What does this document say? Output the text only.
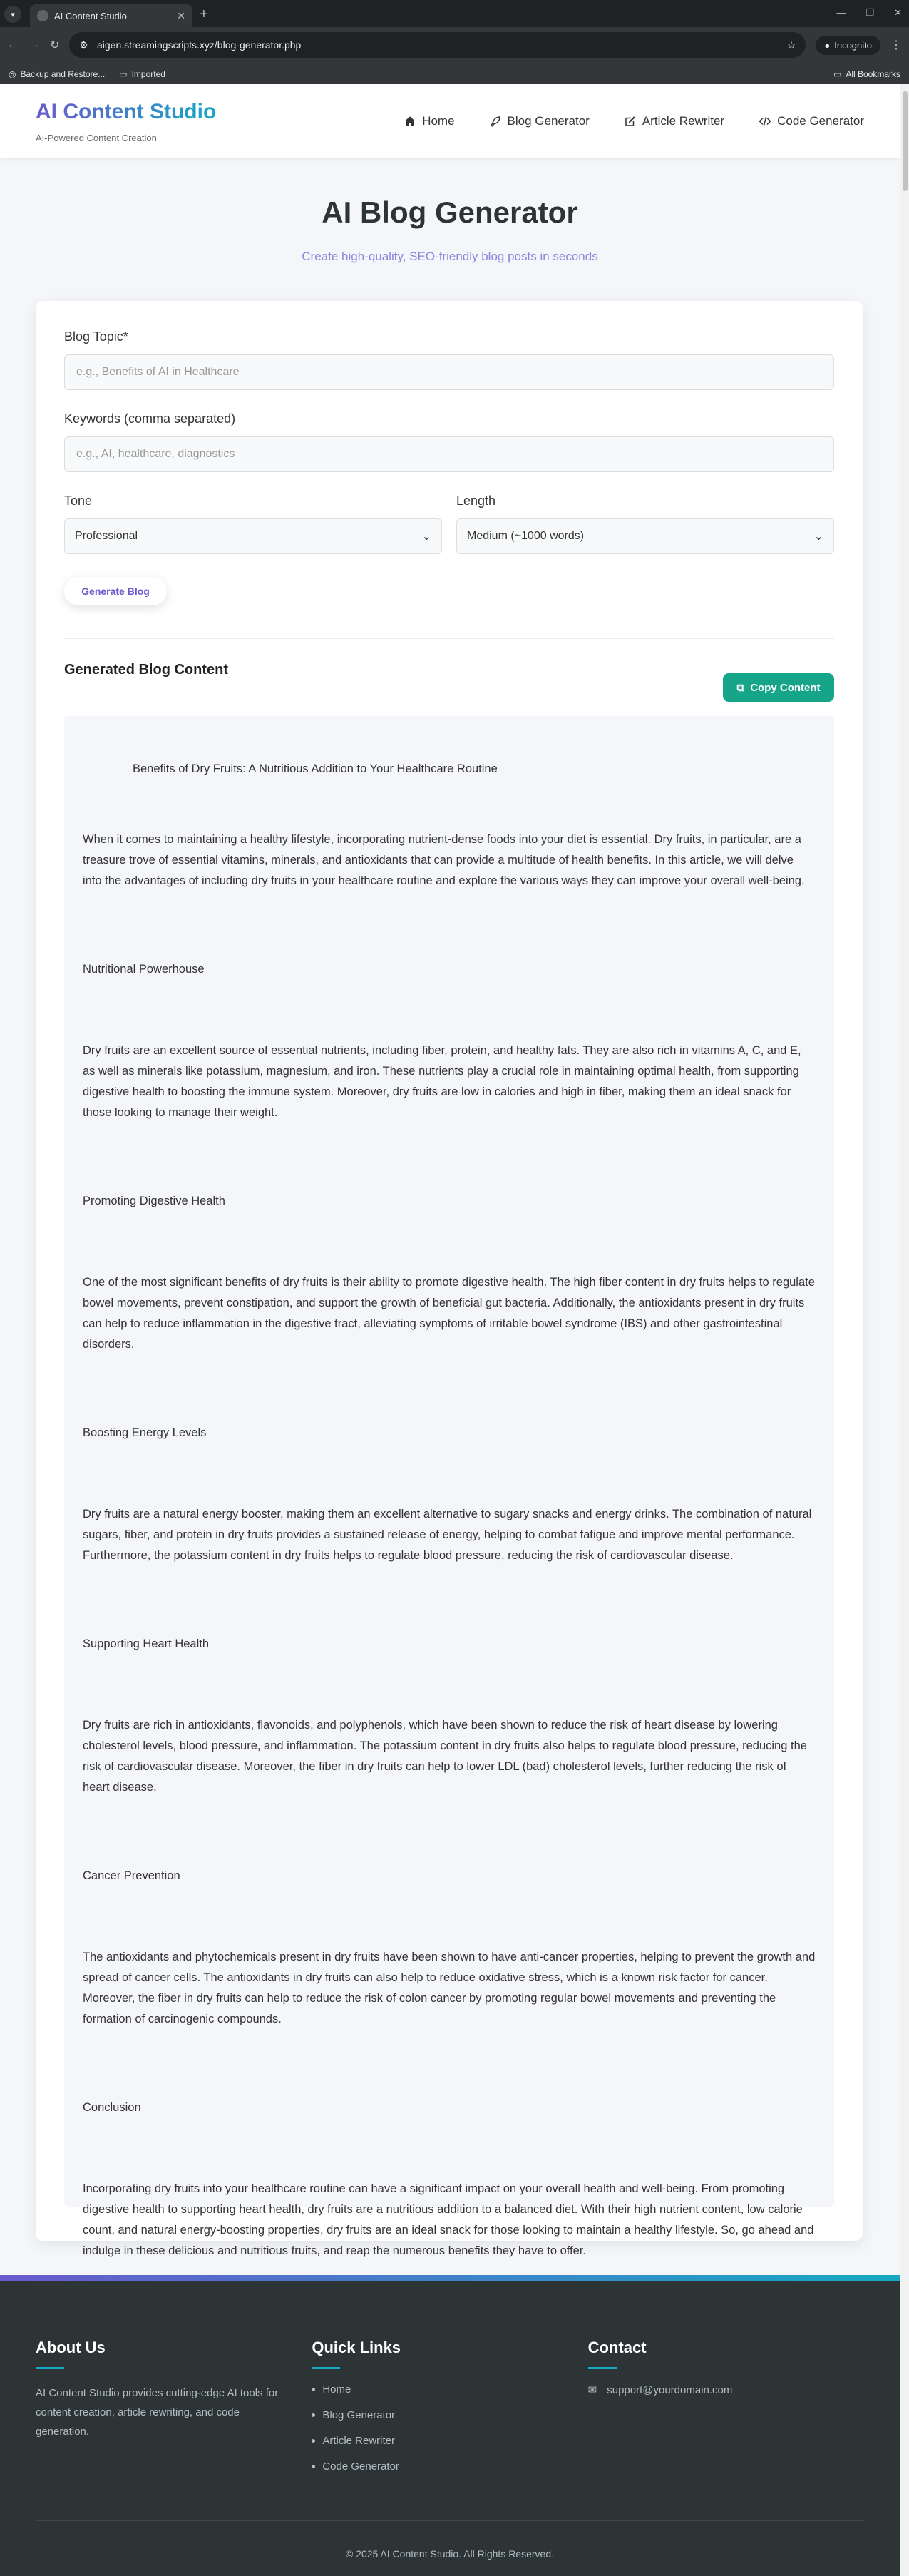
▾	AI Content Studio	✕ +	— ❐ ✕
← → ↻ ⚙ aigen.streamingscripts.xyz/blog-generator.php	☆	● Incognito ⋮
◎ Backup and Restore... ▭ Imported	▭ All Bookmarks
AI Content Studio
AI-Powered Content Creation
Home	Blog Generator	Article Rewriter	Code Generator
AI Blog Generator

Create high-quality, SEO-friendly blog posts in seconds

Blog Topic*
e.g., Benefits of AI in Healthcare
Keywords (comma separated)
e.g., AI, healthcare, diagnostics
Tone
Professional	⌄
Length
Medium (~1000 words)	⌄
Generate Blog
Generated Blog Content
⧉ Copy Content
Benefits of Dry Fruits: A Nutritious Addition to Your Healthcare Routine
When it comes to maintaining a healthy lifestyle, incorporating nutrient-dense foods into your diet is essential. Dry fruits, in particular, are a treasure trove of essential vitamins, minerals, and antioxidants that can provide a multitude of health benefits. In this article, we will delve into the advantages of including dry fruits in your healthcare routine and explore the various ways they can improve your overall well-being.
Nutritional Powerhouse
Dry fruits are an excellent source of essential nutrients, including fiber, protein, and healthy fats. They are also rich in vitamins A, C, and E, as well as minerals like potassium, magnesium, and iron. These nutrients play a crucial role in maintaining optimal health, from supporting digestive health to boosting the immune system. Moreover, dry fruits are low in calories and high in fiber, making them an ideal snack for those looking to manage their weight.
Promoting Digestive Health
One of the most significant benefits of dry fruits is their ability to promote digestive health. The high fiber content in dry fruits helps to regulate bowel movements, prevent constipation, and support the growth of beneficial gut bacteria. Additionally, the antioxidants present in dry fruits can help to reduce inflammation in the digestive tract, alleviating symptoms of irritable bowel syndrome (IBS) and other gastrointestinal disorders.
Boosting Energy Levels
Dry fruits are a natural energy booster, making them an excellent alternative to sugary snacks and energy drinks. The combination of natural sugars, fiber, and protein in dry fruits provides a sustained release of energy, helping to combat fatigue and improve mental performance. Furthermore, the potassium content in dry fruits helps to regulate blood pressure, reducing the risk of cardiovascular disease.
Supporting Heart Health
Dry fruits are rich in antioxidants, flavonoids, and polyphenols, which have been shown to reduce the risk of heart disease by lowering cholesterol levels, blood pressure, and inflammation. The potassium content in dry fruits also helps to regulate blood pressure, reducing the risk of cardiovascular disease. Moreover, the fiber in dry fruits can help to lower LDL (bad) cholesterol levels, further reducing the risk of heart disease.
Cancer Prevention
The antioxidants and phytochemicals present in dry fruits have been shown to have anti-cancer properties, helping to prevent the growth and spread of cancer cells. The antioxidants in dry fruits can also help to reduce oxidative stress, which is a known risk factor for cancer. Moreover, the fiber in dry fruits can help to reduce the risk of colon cancer by promoting regular bowel movements and preventing the formation of carcinogenic compounds.
Conclusion
Incorporating dry fruits into your healthcare routine can have a significant impact on your overall health and well-being. From promoting digestive health to supporting heart health, dry fruits are a nutritious addition to a balanced diet. With their high nutrient content, low calorie count, and natural energy-boosting properties, dry fruits are an ideal snack for those looking to maintain a healthy lifestyle. So, go ahead and indulge in these delicious and nutritious fruits, and reap the numerous benefits they have to offer.
About Us

AI Content Studio provides cutting-edge AI tools for content creation, article rewriting, and code generation.

Quick Links
Home
Blog Generator
Article Rewriter
Code Generator
Contact
✉ support@yourdomain.com
© 2025 AI Content Studio. All Rights Reserved.
